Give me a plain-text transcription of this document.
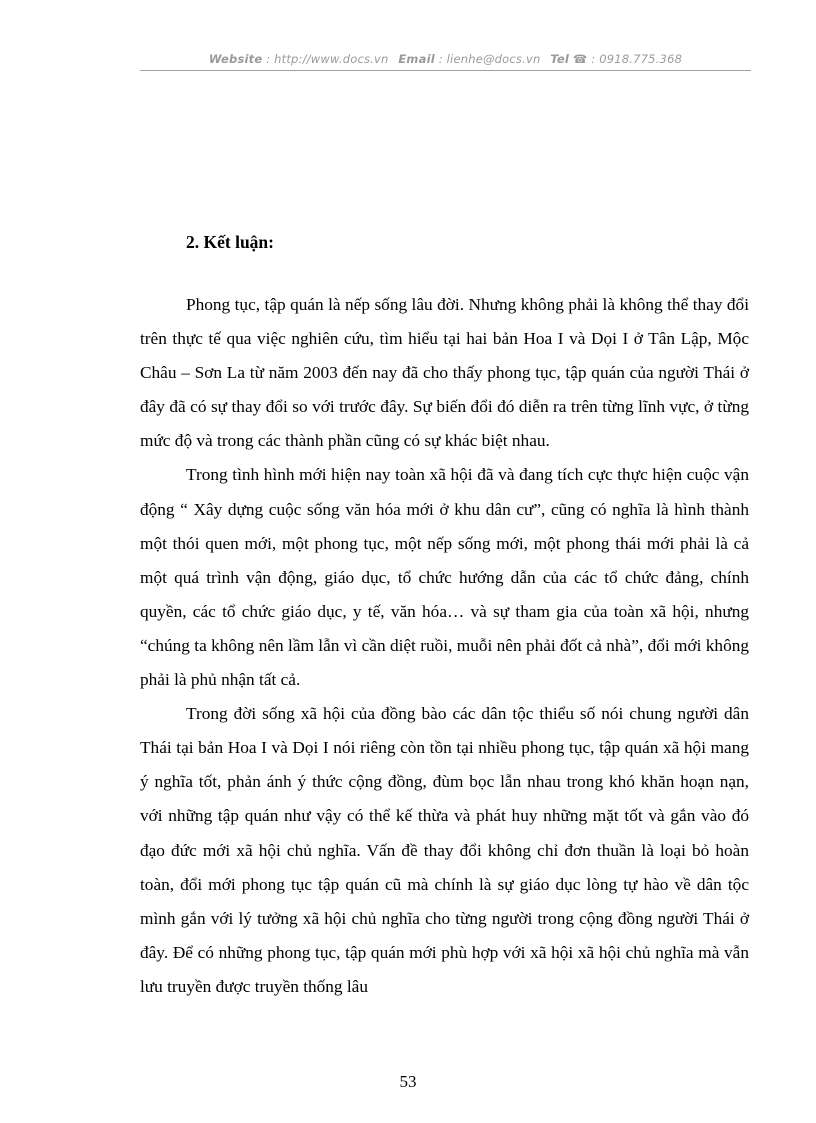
Website : http://www.docs.vn Email : lienhe@docs.vn Tel ☎ : 0918.775.368
2. Kết luận:

Phong tục, tập quán là nếp sống lâu đời. Nhưng không phải là không thể thay đổi trên thực tế qua việc nghiên cứu, tìm hiểu tại hai bản Hoa I và Dọi I ở Tân Lập, Mộc Châu – Sơn La từ năm 2003 đến nay đã cho thấy phong tục, tập quán của người Thái ở đây đã có sự thay đổi so với trước đây. Sự biến đổi đó diễn ra trên từng lĩnh vực, ở từng mức độ và trong các thành phần cũng có sự khác biệt nhau.

Trong tình hình mới hiện nay toàn xã hội đã và đang tích cực thực hiện cuộc vận động “ Xây dựng cuộc sống văn hóa mới ở khu dân cư”, cũng có nghĩa là hình thành một thói quen mới, một phong tục, một nếp sống mới, một phong thái mới phải là cả một quá trình vận động, giáo dục, tổ chức hướng dẫn của các tổ chức đảng, chính quyền, các tổ chức giáo dục, y tế, văn hóa… và sự tham gia của toàn xã hội, nhưng “chúng ta không nên lầm lẫn vì cần diệt ruồi, muỗi nên phải đốt cả nhà”, đổi mới không phải là phủ nhận tất cả.

Trong đời sống xã hội của đồng bào các dân tộc thiểu số nói chung người dân Thái tại bản Hoa I và Dọi I nói riêng còn tồn tại nhiều phong tục, tập quán xã hội mang ý nghĩa tốt, phản ánh ý thức cộng đồng, đùm bọc lẫn nhau trong khó khăn hoạn nạn, với những tập quán như vậy có thể kế thừa và phát huy những mặt tốt và gắn vào đó đạo đức mới xã hội chủ nghĩa. Vấn đề thay đổi không chỉ đơn thuần là loại bỏ hoàn toàn, đổi mới phong tục tập quán cũ mà chính là sự giáo dục lòng tự hào về dân tộc mình gắn với lý tưởng xã hội chủ nghĩa cho từng người trong cộng đồng người Thái ở đây. Để có những phong tục, tập quán mới phù hợp với xã hội xã hội chủ nghĩa mà vẫn lưu truyền được truyền thống lâu

53
